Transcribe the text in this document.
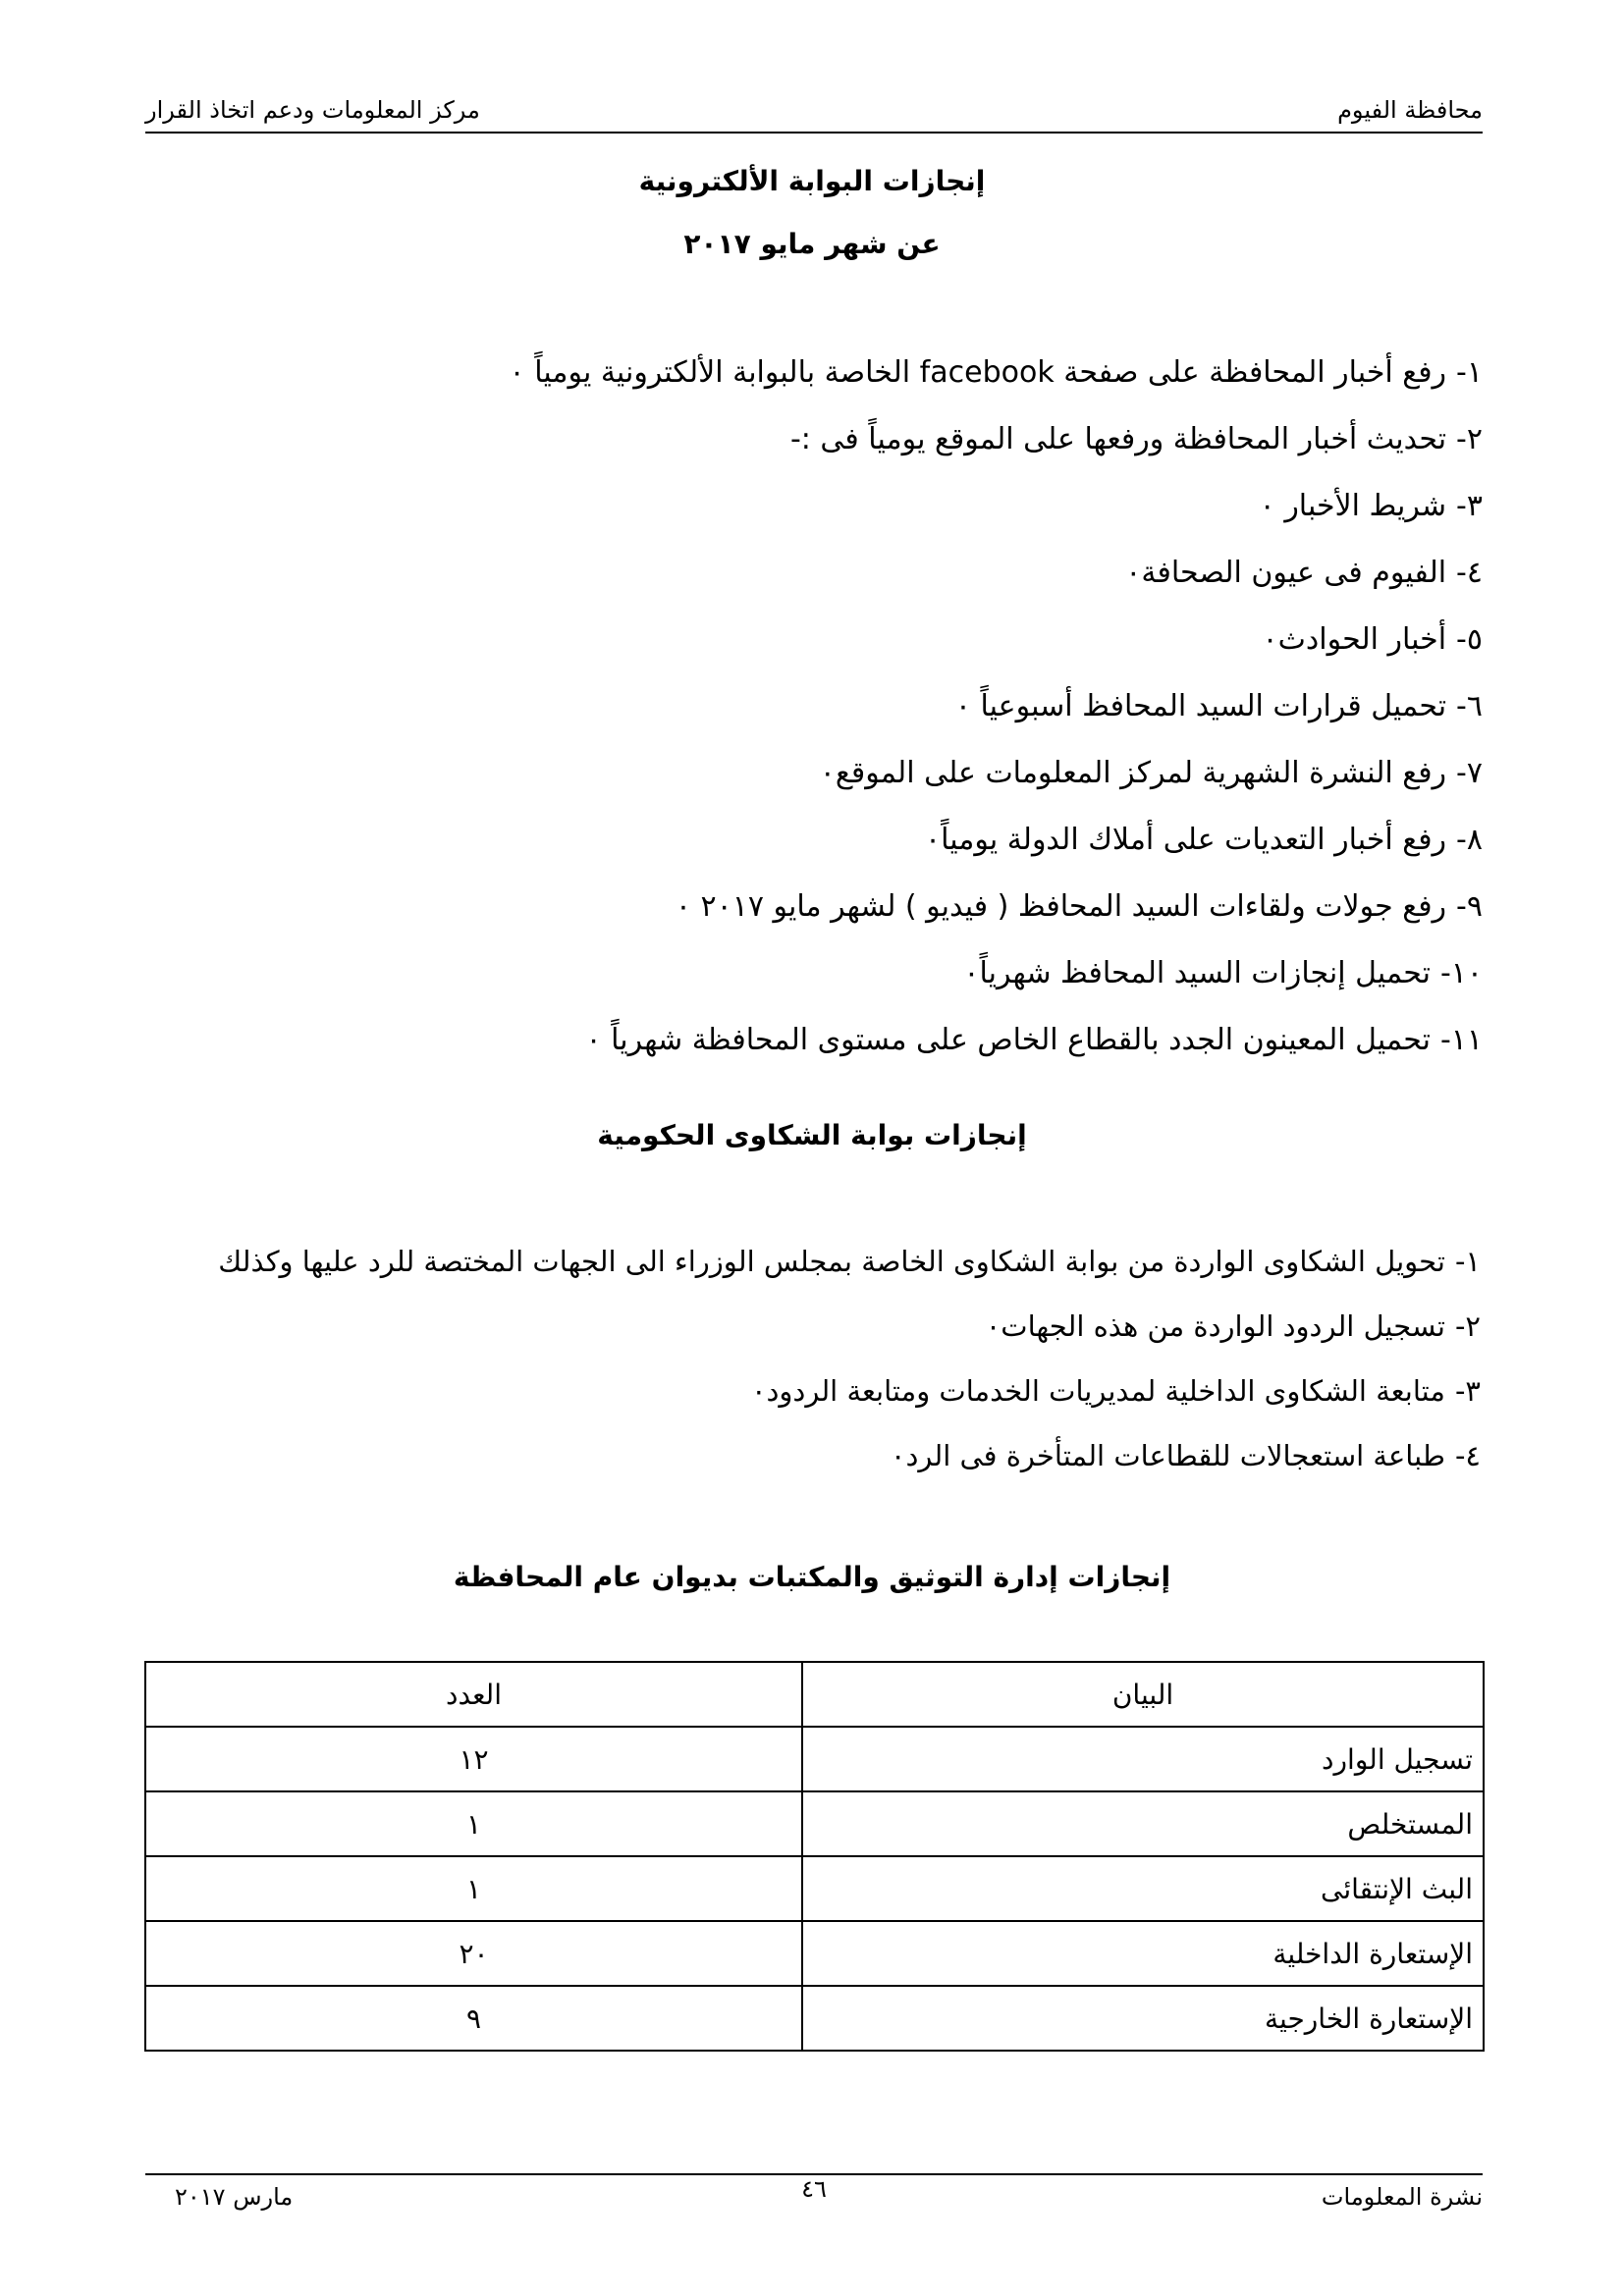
محافظة الفيوم
مركز المعلومات ودعم اتخاذ القرار
إنجازات البوابة الألكترونية
عن شهر مايو ٢٠١٧
١-رفع أخبار المحافظة على صفحة facebook الخاصة بالبوابة الألكترونية يومياً ٠
٢-تحديث أخبار المحافظة ورفعها على الموقع يومياً فى :-
٣-شريط الأخبار ٠
٤-الفيوم فى عيون الصحافة٠
٥-أخبار الحوادث٠
٦-تحميل قرارات السيد المحافظ أسبوعياً ٠
٧-رفع النشرة الشهرية لمركز المعلومات على الموقع٠
٨-رفع أخبار التعديات على أملاك الدولة يومياً٠
٩-رفع جولات ولقاءات السيد المحافظ ( فيديو ) لشهر مايو ٢٠١٧ ٠
١٠-تحميل إنجازات السيد المحافظ شهرياً٠
١١-تحميل المعينون الجدد بالقطاع الخاص على مستوى المحافظة شهرياً ٠
إنجازات بوابة الشكاوى الحكومية
١-تحويل الشكاوى الواردة من بوابة الشكاوى الخاصة بمجلس الوزراء الى الجهات المختصة للرد عليها وكذلك
٢-تسجيل الردود الواردة من هذه الجهات٠
٣-متابعة الشكاوى الداخلية لمديريات الخدمات ومتابعة الردود٠
٤-طباعة استعجالات للقطاعات المتأخرة فى الرد٠
إنجازات إدارة التوثيق والمكتبات بديوان عام المحافظة
البيان	العدد
تسجيل الوارد	١٢
المستخلص	١
البث الإنتقائى	١
الإستعارة الداخلية	٢٠
الإستعارة الخارجية	٩
نشرة المعلومات
٤٦
مارس ٢٠١٧
